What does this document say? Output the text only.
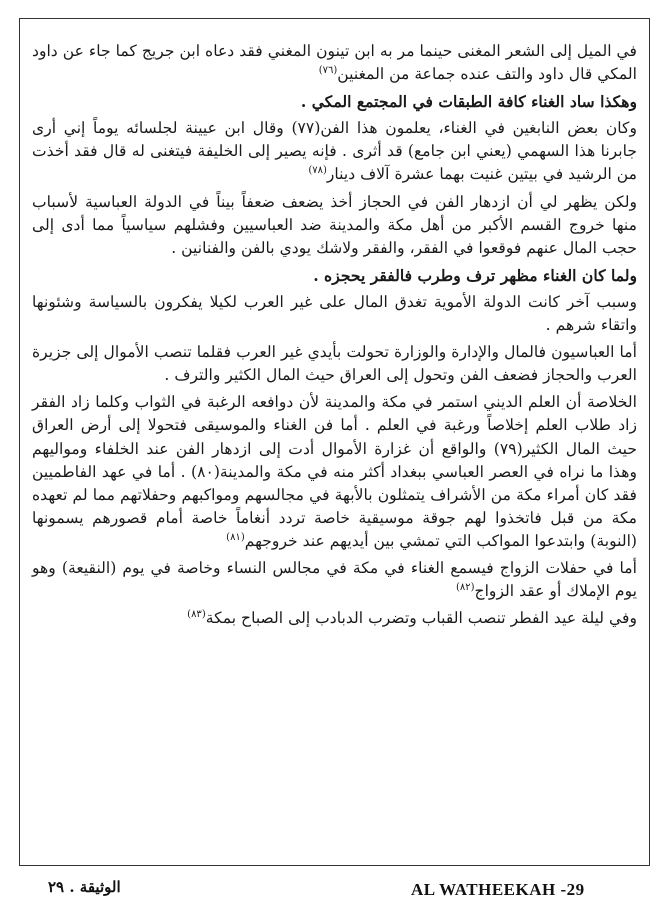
في الميل إلى الشعر المغنى حينما مر به ابن تينون المغني فقد دعاه ابن جريج كما جاء عن داود المكي قال داود والتف عنده جماعة من المغنين$^{(٧٦)}$

وهكذا ساد الغناء كافة الطبقات في المجتمع المكي .

وكان بعض النابغين في الغناء، يعلمون هذا الفن(٧٧) وقال ابن عيينة لجلسائه يوماً إني أرى جابرنا هذا السهمي (يعني ابن جامع) قد أثرى . فإنه يصير إلى الخليفة فيتغنى له قال فقد أخذت من الرشيد في بيتين غنيت بهما عشرة آلاف دينار$^{(٧٨)}$

ولكن يظهر لي أن ازدهار الفن في الحجاز أخذ يضعف ضعفاً بيناً في الدولة العباسية لأسباب منها خروج القسم الأكبر من أهل مكة والمدينة ضد العباسيين وفشلهم سياسياً مما أدى إلى حجب المال عنهم فوقعوا في الفقر، والفقر ولاشك يودي بالفن والفنانين .

ولما كان الغناء مظهر ترف وطرب فالفقر يحجزه .

وسبب آخر كانت الدولة الأموية تغدق المال على غير العرب لكيلا يفكرون بالسياسة وشئونها واتقاء شرهم .

أما العباسيون فالمال والإدارة والوزارة تحولت بأيدي غير العرب فقلما تنصب الأموال إلى جزيرة العرب والحجاز فضعف الفن وتحول إلى العراق حيث المال الكثير والترف .

الخلاصة أن العلم الديني استمر في مكة والمدينة لأن دوافعه الرغبة في الثواب وكلما زاد الفقر زاد طلاب العلم إخلاصاً ورغبة في العلم . أما فن الغناء والموسيقى فتحولا إلى أرض العراق حيث المال الكثير(٧٩) والواقع أن غزارة الأموال أدت إلى ازدهار الفن عند الخلفاء ومواليهم وهذا ما نراه في العصر العباسي ببغداد أكثر منه في مكة والمدينة(٨٠) . أما في عهد الفاطميين فقد كان أمراء مكة من الأشراف يتمثلون بالأبهة في مجالسهم ومواكبهم وحفلاتهم مما لم تعهده مكة من قبل فاتخذوا لهم جوقة موسيقية خاصة تردد أنغاماً خاصة أمام قصورهم يسمونها (النوبة) وابتدعوا المواكب التي تمشي بين أيديهم عند خروجهم$^{(٨١)}$

أما في حفلات الزواج فيسمع الغناء في مكة في مجالس النساء وخاصة في يوم (النقيعة) وهو يوم الإملاك أو عقد الزواج$^{(٨٢)}$

وفي ليلة عيد الفطر تنصب القباب وتضرب الدبادب إلى الصباح بمكة$^{(٨٣)}$

AL WATHEEKAH -29
الوثيقة . ٢٩
